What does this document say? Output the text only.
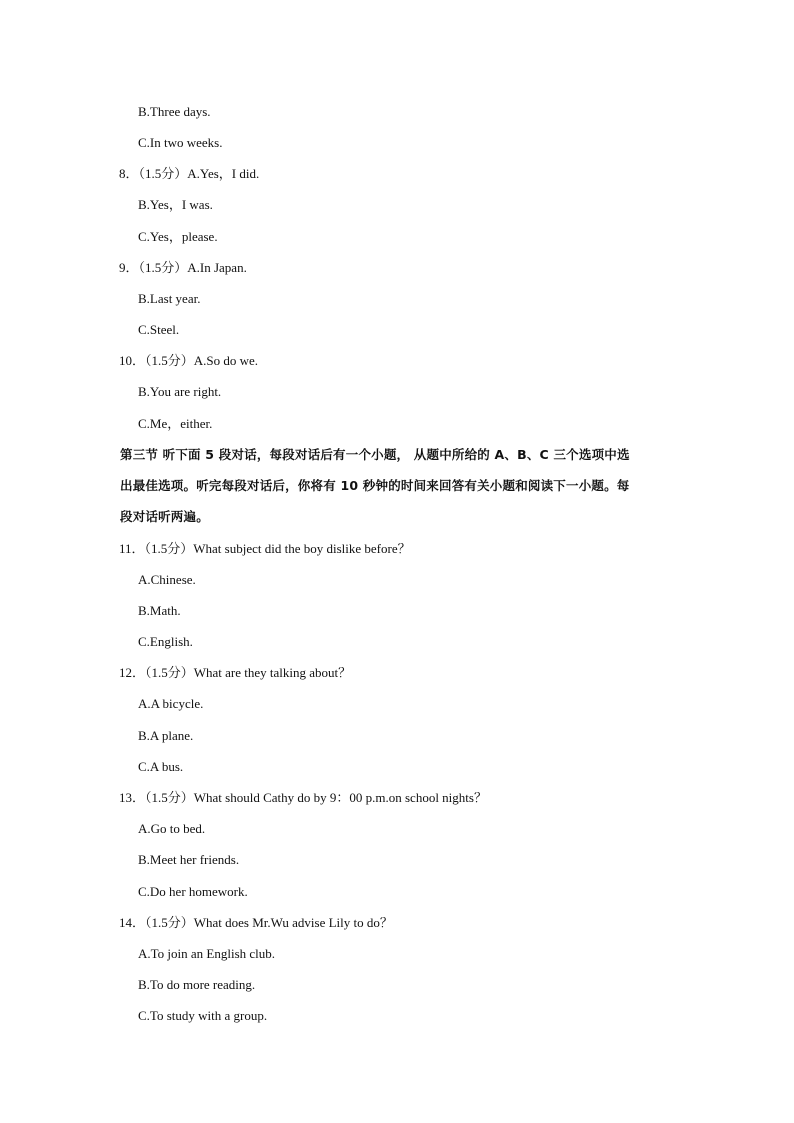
B.Three days.
C.In two weeks.
8．（1.5分）A.Yes，I did.
B.Yes，I was.
C.Yes，please.
9．（1.5分）A.In Japan.
B.Last year.
C.Steel.
10．（1.5分）A.So do we.
B.You are right.
C.Me，either.
第三节 听下面 5 段对话，每段对话后有一个小题， 从题中所给的 A、B、C 三个选项中选
出最佳选项。听完每段对话后，你将有 10 秒钟的时间来回答有关小题和阅读下一小题。每
段对话听两遍。
11．（1.5分）What subject did the boy dislike before？
A.Chinese.
B.Math.
C.English.
12．（1.5分）What are they talking about？
A.A bicycle.
B.A plane.
C.A bus.
13．（1.5分）What should Cathy do by 9：00 p.m.on school nights？
A.Go to bed.
B.Meet her friends.
C.Do her homework.
14．（1.5分）What does Mr.Wu advise Lily to do？
A.To join an English club.
B.To do more reading.
C.To study with a group.
